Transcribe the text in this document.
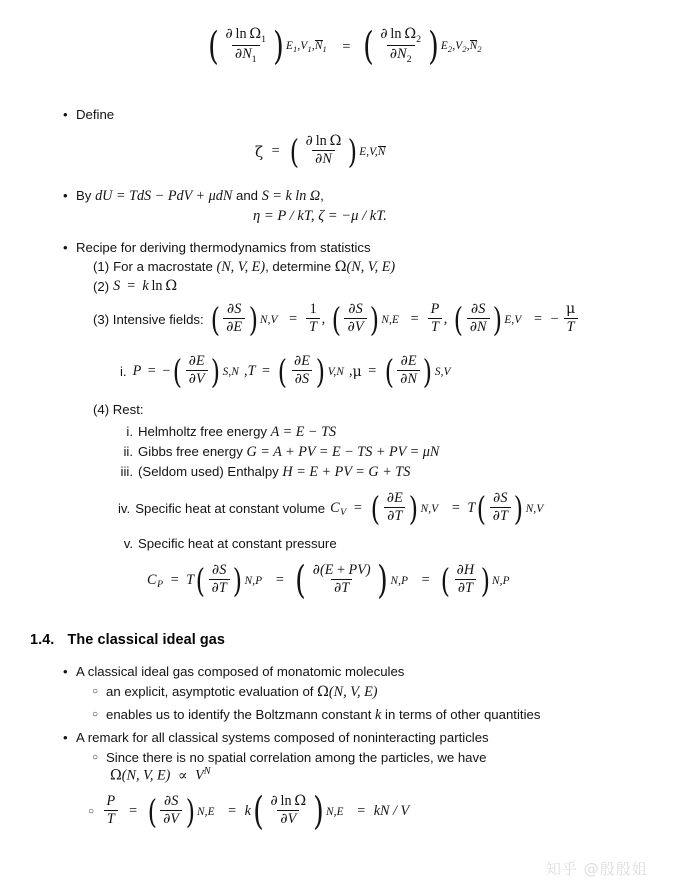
( $\frac{\partial \ln \Omega_1}{\partial N_1}$ ) $E_1,V_1,N_1$ = ( $\frac{\partial \ln \Omega_2}{\partial N_2}$ ) $E_2,V_2,N_2$
• Define
ζ = ( $\frac{\text{∂  ln  Ω}}{\partial N}$ ) E,V,N
• By dU = TdS − PdV + μdN and S = k ln Ω,
η = P / kT, ζ = −μ / kT.
• Recipe for deriving thermodynamics from statistics
(1) For a macrostate (N, V, E), determine Ω(N, V, E)
(2) S = k  ln  Ω
(3) Intensive fields: ( $\frac{\partial S}{\partial E}$ ) $N,V = \frac{1}{T}$ , ( $\frac{\partial S}{\partial V}$ ) $N,E = \frac{P}{T}$ , ( $\frac{\partial S}{\partial N}$ ) E,V = − $\frac{\mu}{T}$
i. P = − ( $\frac{\partial E}{\partial V}$ ) S,N , T = ( $\frac{\partial E}{\partial S}$ ) V,N , μ = ( $\frac{\partial E}{\partial N}$ ) S,V
(4) Rest:
i. Helmholtz free energy A = E − TS
ii. Gibbs free energy G = A + PV = E − TS + PV = μN
iii. (Seldom used) Enthalpy H = E + PV = G + TS
iv. Specific heat at constant volume CV = ( $\frac{\partial E}{\partial T}$ ) N,V = T ( $\frac{\partial S}{\partial T}$ ) N,V
v. Specific heat at constant pressure
CP = T ( $\frac{\partial S}{\partial T}$ ) N,P = ( $\frac{\partial(E + PV)}{\partial T}$ ) N,P = ( $\frac{\partial H}{\partial T}$ ) N,P
1.4. The classical ideal gas
• A classical ideal gas composed of monatomic molecules
○ an explicit, asymptotic evaluation of Ω(N, V, E)
○ enables us to identify the Boltzmann constant k in terms of other quantities
• A remark for all classical systems composed of noninteracting particles
○ Since there is no spatial correlation among the particles, we have
Ω(N, V, $E) \propto V^N$
○ $\frac{P}{T}$ = ( $\frac{\partial S}{\partial V}$ ) N,E = k ( $\frac{\text{∂  ln  Ω}}{\partial V}$ ) N,E = kN / V
知乎 @殷殷姐
